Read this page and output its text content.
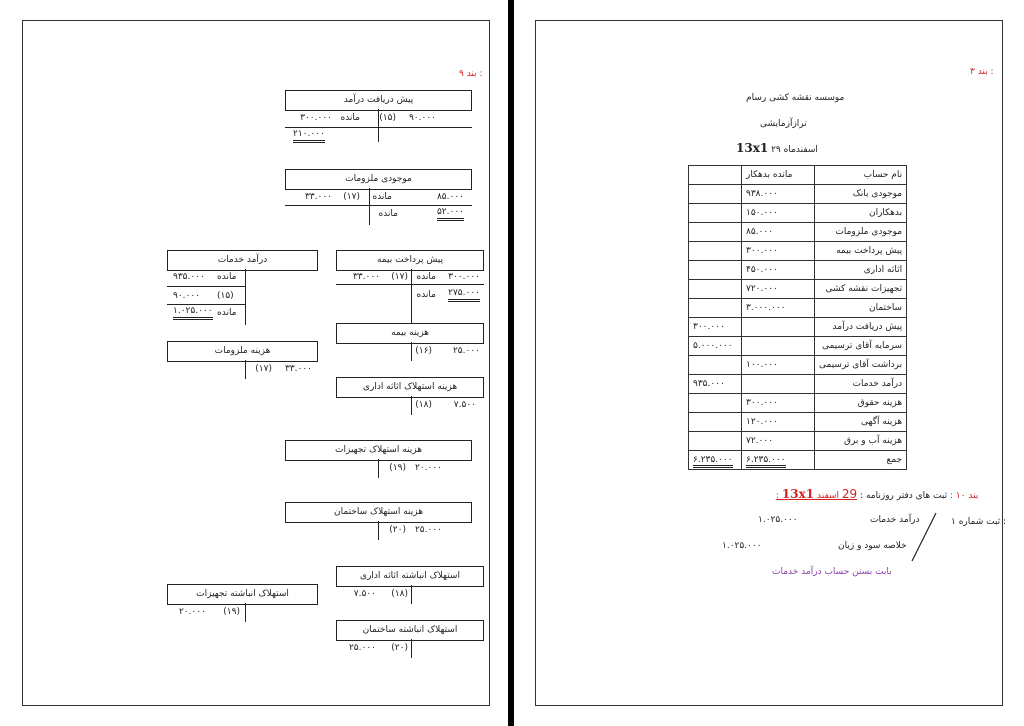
بند ۹ :
پیش دریافت درآمد
۹۰.۰۰۰
(۱۵)
مانده
۳۰۰.۰۰۰
۲۱۰.۰۰۰
موجودی ملزومات
۸۵.۰۰۰
مانده
(۱۷)
۳۳.۰۰۰
مانده	۵۲.۰۰۰
پیش پرداخت بیمه
۳۰۰.۰۰۰
مانده
(۱۷)
۳۳.۰۰۰
مانده ۲۷۵.۰۰۰
درآمد خدمات
مانده
۹۳۵.۰۰۰
(۱۵)
۹۰.۰۰۰
مانده
۱.۰۲۵.۰۰۰
هزینه بیمه
(۱۶) ۲۵.۰۰۰
هزینه ملزومات
(۱۷) ۳۳.۰۰۰
هزینه استهلاک اثاثه اداری
(۱۸) ۷.۵۰۰
هزینه استهلاک تجهیزات
(۱۹) ۲۰.۰۰۰
هزینه استهلاک ساختمان
(۲۰) ۲۵.۰۰۰
استهلاک انباشته اثاثه اداری
(۱۸)
۷.۵۰۰
استهلاک انباشته تجهیزات
(۱۹)
۲۰.۰۰۰
استهلاک انباشته ساختمان
(۲۰)
۲۵.۰۰۰
بند ۳ :
موسسه نقشه کشی رسام
ترازآزمایشی
13x1 ۲۹ اسفندماه
	مانده بدهکار	نام حساب
	۹۳۸.۰۰۰	موجودی بانک
	۱۵۰.۰۰۰	بدهکاران
	۸۵.۰۰۰	موجودی ملزومات
	۳۰۰.۰۰۰	پیش پرداخت بیمه
	۴۵۰.۰۰۰	اثاثه اداری
	۷۲۰.۰۰۰	تجهیزات نقشه کشی
	۳.۰۰۰.۰۰۰	ساختمان
۳۰۰.۰۰۰		پیش دریافت درآمد
۵.۰۰۰.۰۰۰		سرمایه آقای ترسیمی
	۱۰۰.۰۰۰	برداشت آقای ترسیمی
۹۳۵.۰۰۰		درآمد خدمات
	۳۰۰.۰۰۰	هزینه حقوق
	۱۲۰.۰۰۰	هزینه آگهی
	۷۲.۰۰۰	هزینه آب و برق
۶.۲۳۵.۰۰۰	۶.۲۳۵.۰۰۰	جمع
بند ۱۰ : ثبت های دفتر روزنامه : 29 اسفند 13x1 :
ثبت شماره ۱ :
درآمد خدمات
۱.۰۲۵.۰۰۰
خلاصه سود و زیان
۱.۰۲۵.۰۰۰
بابت بستن حساب درآمد خدمات
